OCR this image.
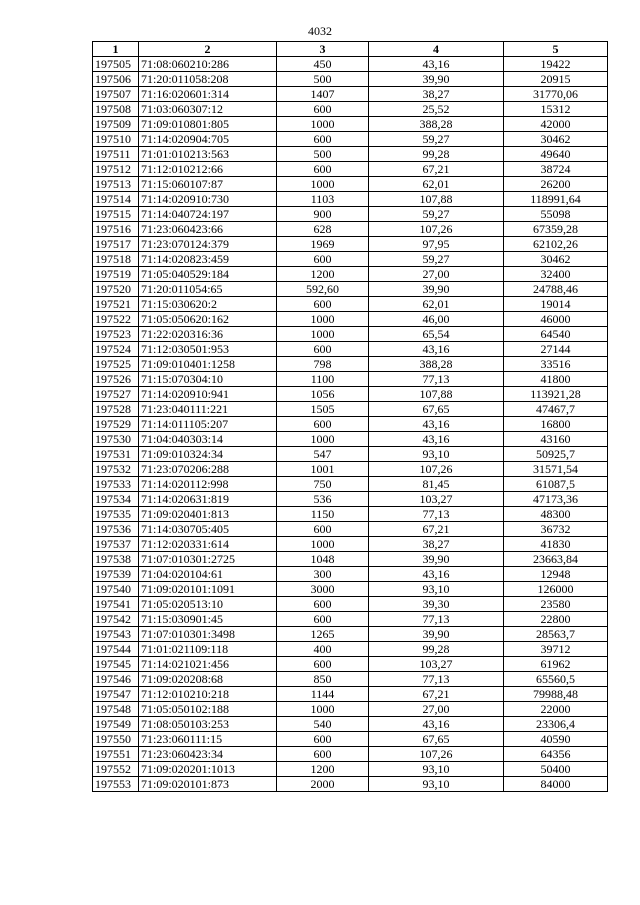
4032
1	2	3	4	5
197505	71:08:060210:286	450	43,16	19422
197506	71:20:011058:208	500	39,90	20915
197507	71:16:020601:314	1407	38,27	31770,06
197508	71:03:060307:12	600	25,52	15312
197509	71:09:010801:805	1000	388,28	42000
197510	71:14:020904:705	600	59,27	30462
197511	71:01:010213:563	500	99,28	49640
197512	71:12:010212:66	600	67,21	38724
197513	71:15:060107:87	1000	62,01	26200
197514	71:14:020910:730	1103	107,88	118991,64
197515	71:14:040724:197	900	59,27	55098
197516	71:23:060423:66	628	107,26	67359,28
197517	71:23:070124:379	1969	97,95	62102,26
197518	71:14:020823:459	600	59,27	30462
197519	71:05:040529:184	1200	27,00	32400
197520	71:20:011054:65	592,60	39,90	24788,46
197521	71:15:030620:2	600	62,01	19014
197522	71:05:050620:162	1000	46,00	46000
197523	71:22:020316:36	1000	65,54	64540
197524	71:12:030501:953	600	43,16	27144
197525	71:09:010401:1258	798	388,28	33516
197526	71:15:070304:10	1100	77,13	41800
197527	71:14:020910:941	1056	107,88	113921,28
197528	71:23:040111:221	1505	67,65	47467,7
197529	71:14:011105:207	600	43,16	16800
197530	71:04:040303:14	1000	43,16	43160
197531	71:09:010324:34	547	93,10	50925,7
197532	71:23:070206:288	1001	107,26	31571,54
197533	71:14:020112:998	750	81,45	61087,5
197534	71:14:020631:819	536	103,27	47173,36
197535	71:09:020401:813	1150	77,13	48300
197536	71:14:030705:405	600	67,21	36732
197537	71:12:020331:614	1000	38,27	41830
197538	71:07:010301:2725	1048	39,90	23663,84
197539	71:04:020104:61	300	43,16	12948
197540	71:09:020101:1091	3000	93,10	126000
197541	71:05:020513:10	600	39,30	23580
197542	71:15:030901:45	600	77,13	22800
197543	71:07:010301:3498	1265	39,90	28563,7
197544	71:01:021109:118	400	99,28	39712
197545	71:14:021021:456	600	103,27	61962
197546	71:09:020208:68	850	77,13	65560,5
197547	71:12:010210:218	1144	67,21	79988,48
197548	71:05:050102:188	1000	27,00	22000
197549	71:08:050103:253	540	43,16	23306,4
197550	71:23:060111:15	600	67,65	40590
197551	71:23:060423:34	600	107,26	64356
197552	71:09:020201:1013	1200	93,10	50400
197553	71:09:020101:873	2000	93,10	84000
